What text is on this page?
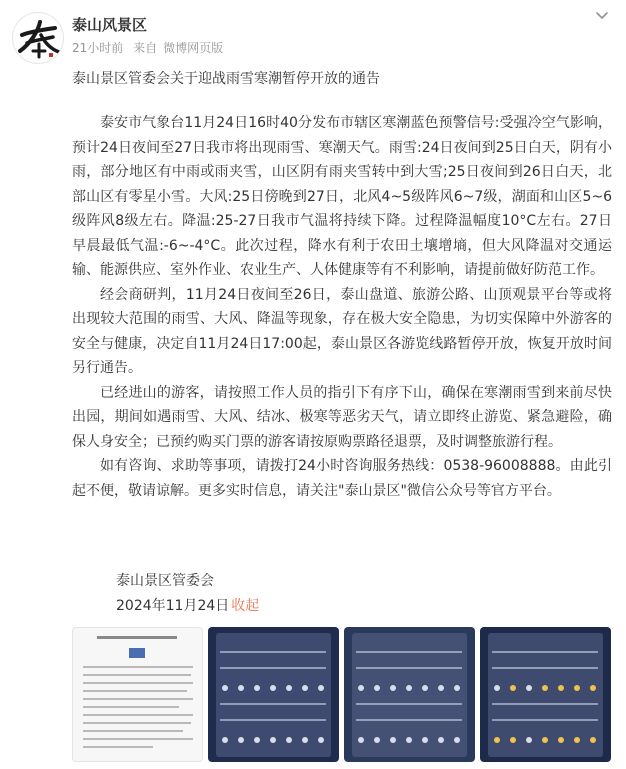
泰山风景区
21小时前 来自 微博网页版
泰山景区管委会关于迎战雨雪寒潮暂停开放的通告

泰安市气象台11月24日16时40分发布市辖区寒潮蓝色预警信号:受强冷空气影响，预计24日夜间至27日我市将出现雨雪、寒潮天气。雨雪:24日夜间到25日白天，阴有小雨，部分地区有中雨或雨夹雪，山区阴有雨夹雪转中到大雪;25日夜间到26日白天，北部山区有零星小雪。大风:25日傍晚到27日，北风4~5级阵风6~7级，湖面和山区5~6级阵风8级左右。降温:25-27日我市气温将持续下降。过程降温幅度10°C左右。27日早晨最低气温:-6~-4°C。此次过程，降水有利于农田土壤增墒，但大风降温对交通运输、能源供应、室外作业、农业生产、人体健康等有不利影响，请提前做好防范工作。

经会商研判，11月24日夜间至26日，泰山盘道、旅游公路、山顶观景平台等或将出现较大范围的雨雪、大风、降温等现象，存在极大安全隐患，为切实保障中外游客的安全与健康，决定自11月24日17:00起，泰山景区各游览线路暂停开放，恢复开放时间另行通告。

已经进山的游客，请按照工作人员的指引下有序下山，确保在寒潮雨雪到来前尽快出园，期间如遇雨雪、大风、结冰、极寒等恶劣天气，请立即终止游览、紧急避险，确保人身安全；已预约购买门票的游客请按原购票路径退票，及时调整旅游行程。

如有咨询、求助等事项，请拨打24小时咨询服务热线：0538-96008888。由此引起不便，敬请谅解。更多实时信息，请关注"泰山景区"微信公众号等官方平台。

泰山景区管委会
2024年11月24日 收起
